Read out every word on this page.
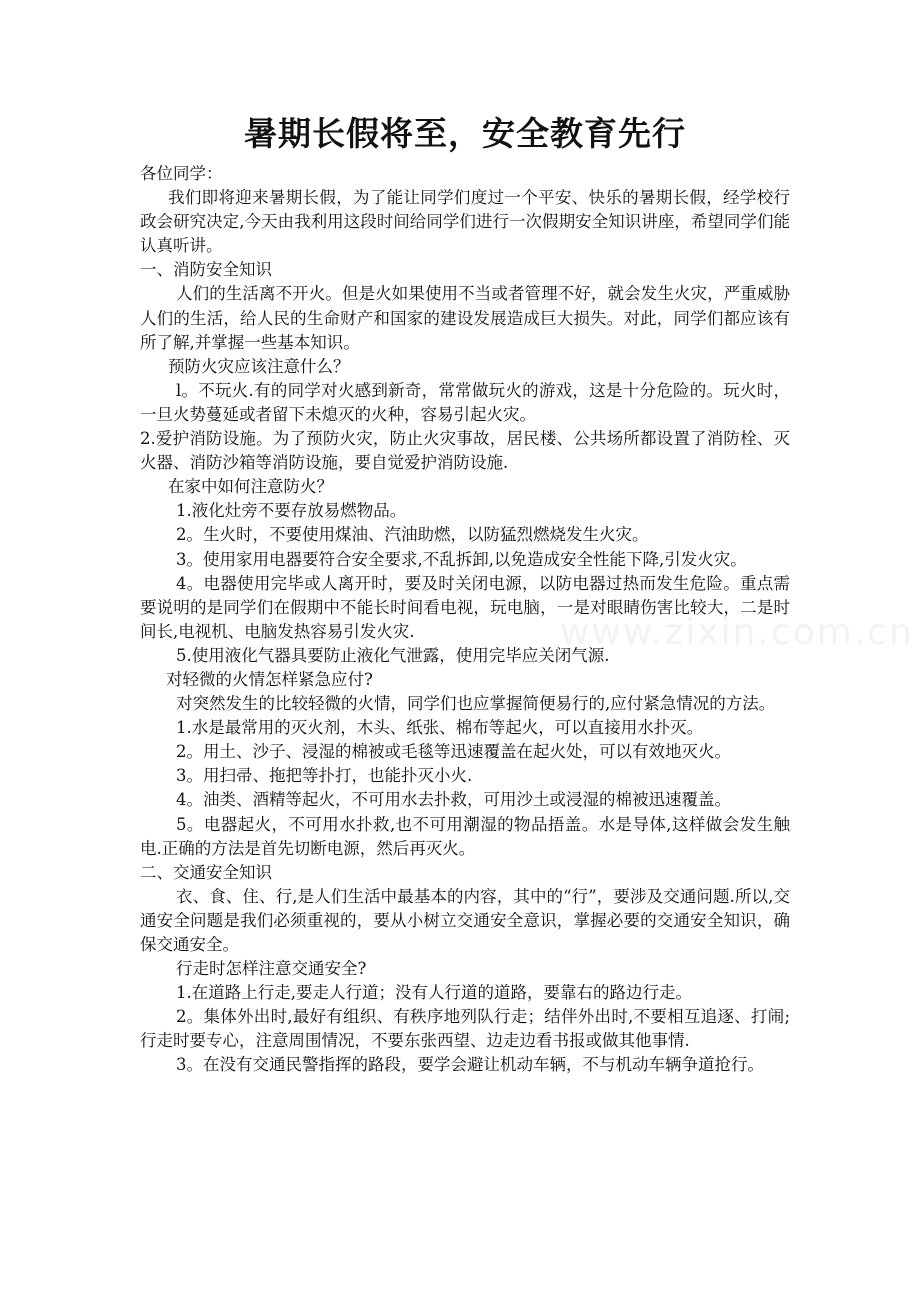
www.zixin.com.cn
暑期长假将至，安全教育先行

各位同学：

我们即将迎来暑期长假，为了能让同学们度过一个平安、快乐的暑期长假，经学校行政会研究决定,今天由我利用这段时间给同学们进行一次假期安全知识讲座，希望同学们能认真听讲。

一、消防安全知识

人们的生活离不开火。但是火如果使用不当或者管理不好，就会发生火灾，严重威胁人们的生活，给人民的生命财产和国家的建设发展造成巨大损失。对此，同学们都应该有所了解,并掌握一些基本知识。

预防火灾应该注意什么？

l。不玩火.有的同学对火感到新奇，常常做玩火的游戏，这是十分危险的。玩火时，一旦火势蔓延或者留下未熄灭的火种，容易引起火灾。

2.爱护消防设施。为了预防火灾，防止火灾事故，居民楼、公共场所都设置了消防栓、灭火器、消防沙箱等消防设施，要自觉爱护消防设施.

在家中如何注意防火？

1.液化灶旁不要存放易燃物品。

2。生火时，不要使用煤油、汽油助燃，以防猛烈燃烧发生火灾。

3。使用家用电器要符合安全要求,不乱拆卸,以免造成安全性能下降,引发火灾。

4。电器使用完毕或人离开时，要及时关闭电源，以防电器过热而发生危险。重点需要说明的是同学们在假期中不能长时间看电视，玩电脑，一是对眼睛伤害比较大，二是时间长,电视机、电脑发热容易引发火灾.

5.使用液化气器具要防止液化气泄露，使用完毕应关闭气源.

对轻微的火情怎样紧急应付?

对突然发生的比较轻微的火情，同学们也应掌握简便易行的,应付紧急情况的方法。

1.水是最常用的灭火剂，木头、纸张、棉布等起火，可以直接用水扑灭。

2。用土、沙子、浸湿的棉被或毛毯等迅速覆盖在起火处，可以有效地灭火。

3。用扫帚、拖把等扑打，也能扑灭小火.

4。油类、酒精等起火，不可用水去扑救，可用沙土或浸湿的棉被迅速覆盖。

5。电器起火，不可用水扑救,也不可用潮湿的物品捂盖。水是导体,这样做会发生触电.正确的方法是首先切断电源，然后再灭火。

二、交通安全知识

衣、食、住、行,是人们生活中最基本的内容，其中的“行”，要涉及交通问题.所以,交通安全问题是我们必须重视的，要从小树立交通安全意识，掌握必要的交通安全知识，确保交通安全。

行走时怎样注意交通安全?

1.在道路上行走,要走人行道；没有人行道的道路，要靠右的路边行走。

2。集体外出时,最好有组织、有秩序地列队行走；结伴外出时,不要相互追逐、打闹;行走时要专心，注意周围情况，不要东张西望、边走边看书报或做其他事情.

3。在没有交通民警指挥的路段，要学会避让机动车辆，不与机动车辆争道抢行。
